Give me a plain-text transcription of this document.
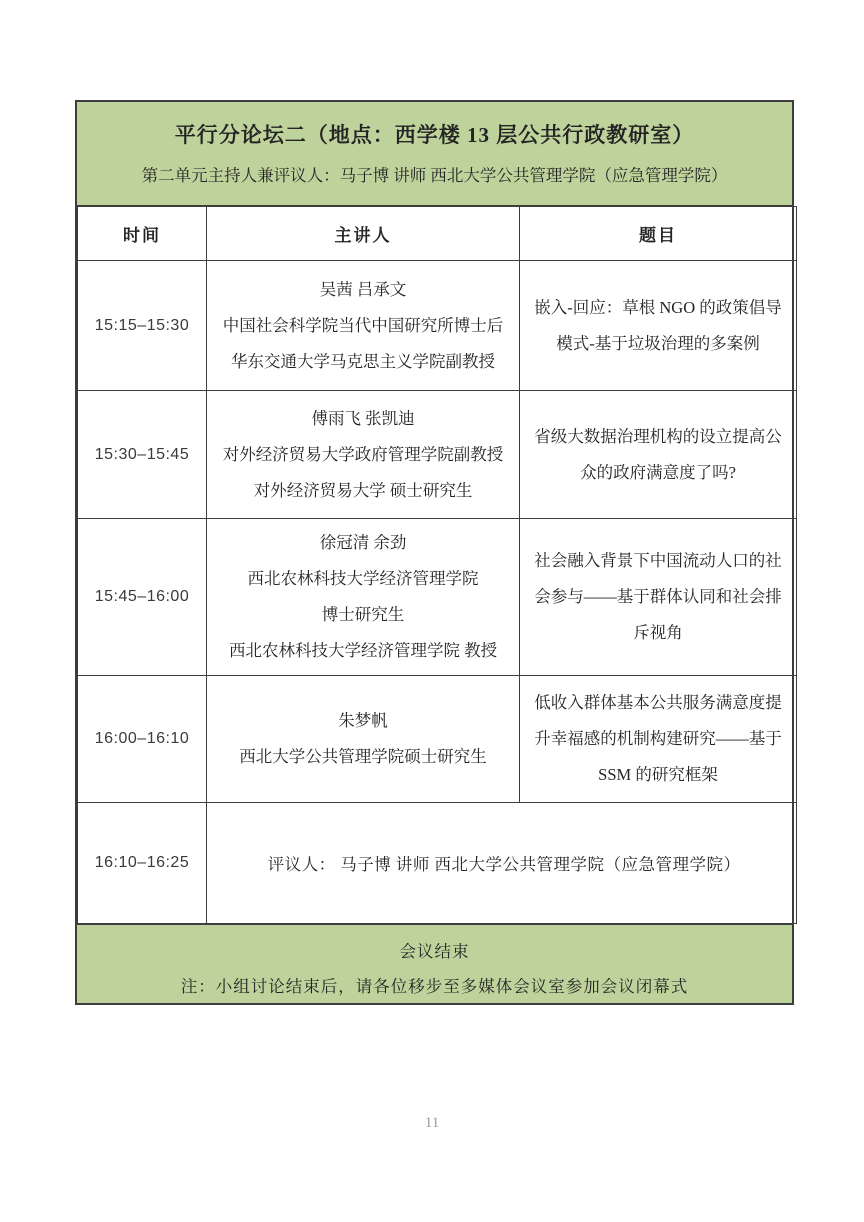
平行分论坛二（地点：西学楼 13 层公共行政教研室）
第二单元主持人兼评议人：马子博 讲师 西北大学公共管理学院（应急管理学院）
时间	主讲人	题目
15:15–15:30	吴茜 吕承文
中国社会科学院当代中国研究所博士后
华东交通大学马克思主义学院副教授	嵌入-回应：草根 NGO 的政策倡导模式-基于垃圾治理的多案例
15:30–15:45	傅雨飞 张凯迪
对外经济贸易大学政府管理学院副教授
对外经济贸易大学 硕士研究生	省级大数据治理机构的设立提高公众的政府满意度了吗?
15:45–16:00	徐冠清 余劲
西北农林科技大学经济管理学院
博士研究生
西北农林科技大学经济管理学院 教授	社会融入背景下中国流动人口的社会参与——基于群体认同和社会排斥视角
16:00–16:10	朱梦帆
西北大学公共管理学院硕士研究生	低收入群体基本公共服务满意度提升幸福感的机制构建研究——基于 SSM 的研究框架
16:10–16:25	评议人： 马子博 讲师 西北大学公共管理学院（应急管理学院）	
会议结束
注：小组讨论结束后，请各位移步至多媒体会议室参加会议闭幕式
11
